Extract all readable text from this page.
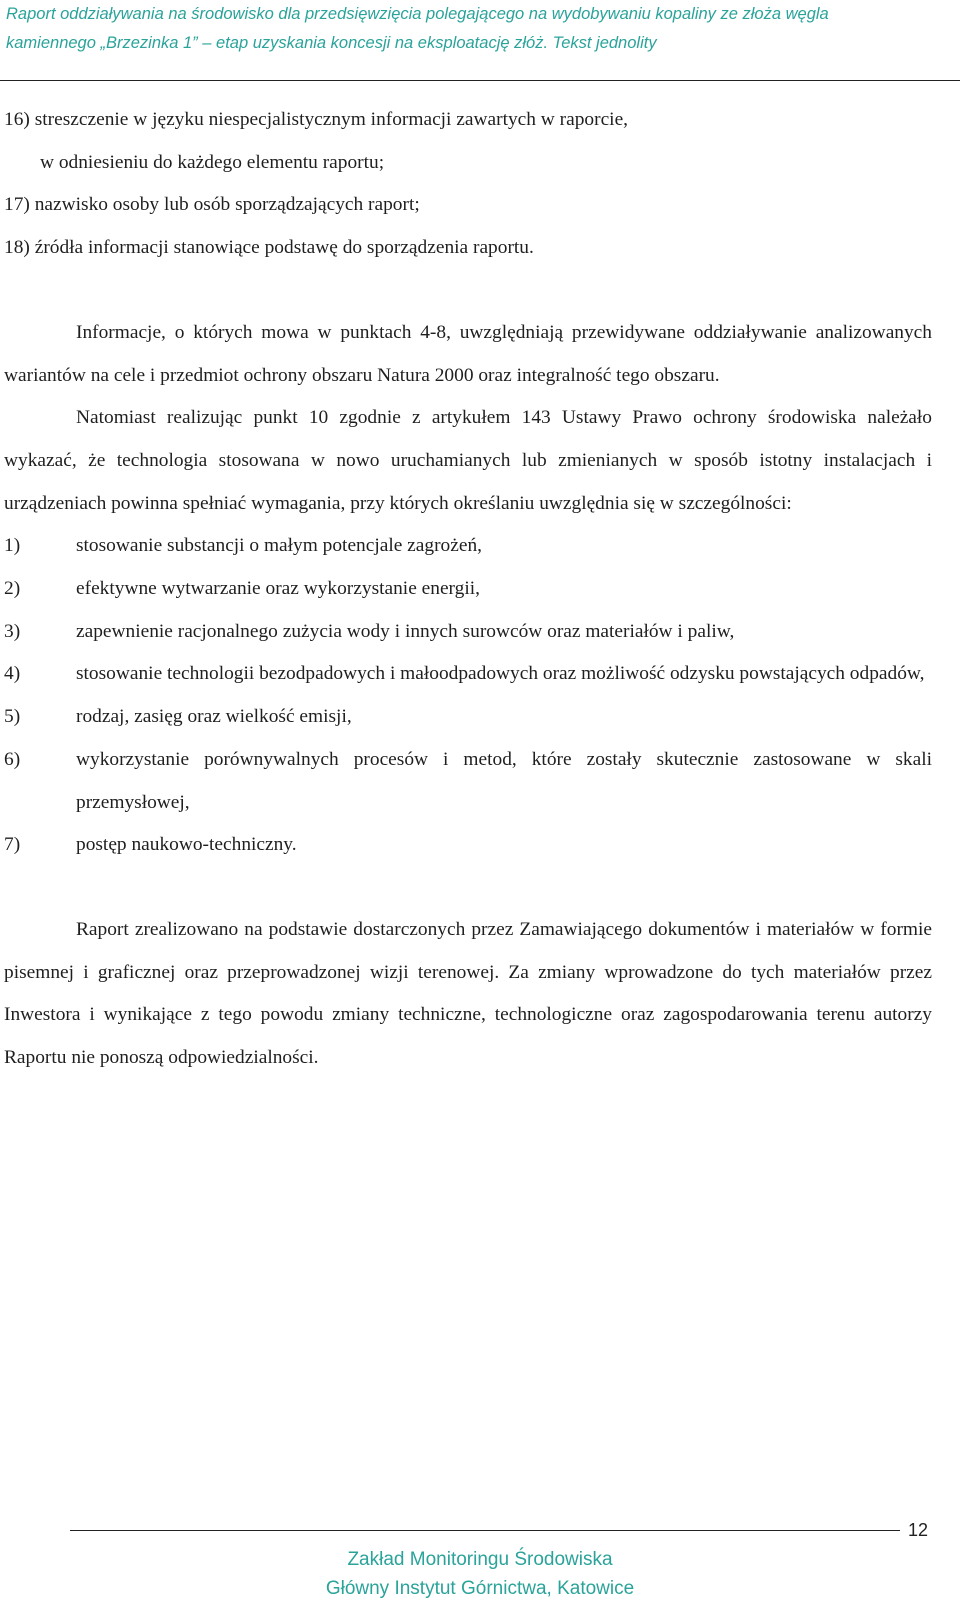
Raport oddziaływania na środowisko dla przedsięwzięcia polegającego na wydobywaniu kopaliny ze złoża węgla
kamiennego „Brzezinka 1” – etap uzyskania koncesji na eksploatację złóż. Tekst jednolity
16) streszczenie w języku niespecjalistycznym informacji zawartych w raporcie,
w odniesieniu do każdego elementu raportu;
17) nazwisko osoby lub osób sporządzających raport;
18) źródła informacji stanowiące podstawę do sporządzenia raportu.

Informacje, o których mowa w punktach 4-8, uwzględniają przewidywane oddziaływanie analizowanych wariantów na cele i przedmiot ochrony obszaru Natura 2000 oraz integralność tego obszaru.

Natomiast realizując punkt 10 zgodnie z artykułem 143 Ustawy Prawo ochrony środowiska należało wykazać, że technologia stosowana w nowo uruchamianych lub zmienianych w sposób istotny instalacjach i urządzeniach powinna spełniać wymagania, przy których określaniu uwzględnia się w szczególności:

1)	stosowanie substancji o małym potencjale zagrożeń,
2)	efektywne wytwarzanie oraz wykorzystanie energii,
3)	zapewnienie racjonalnego zużycia wody i innych surowców oraz materiałów i paliw,
4)	stosowanie technologii bezodpadowych i małoodpadowych oraz możliwość odzysku powstających odpadów,
5)	rodzaj, zasięg oraz wielkość emisji,
6)	wykorzystanie porównywalnych procesów i metod, które zostały skutecznie zastosowane w skali przemysłowej,
7)	postęp naukowo-techniczny.

Raport zrealizowano na podstawie dostarczonych przez Zamawiającego dokumentów i materiałów w formie pisemnej i graficznej oraz przeprowadzonej wizji terenowej. Za zmiany wprowadzone do tych materiałów przez Inwestora i wynikające z tego powodu zmiany techniczne, technologiczne oraz zagospodarowania terenu autorzy Raportu nie ponoszą odpowiedzialności.

12
Zakład Monitoringu Środowiska
Główny Instytut Górnictwa, Katowice
